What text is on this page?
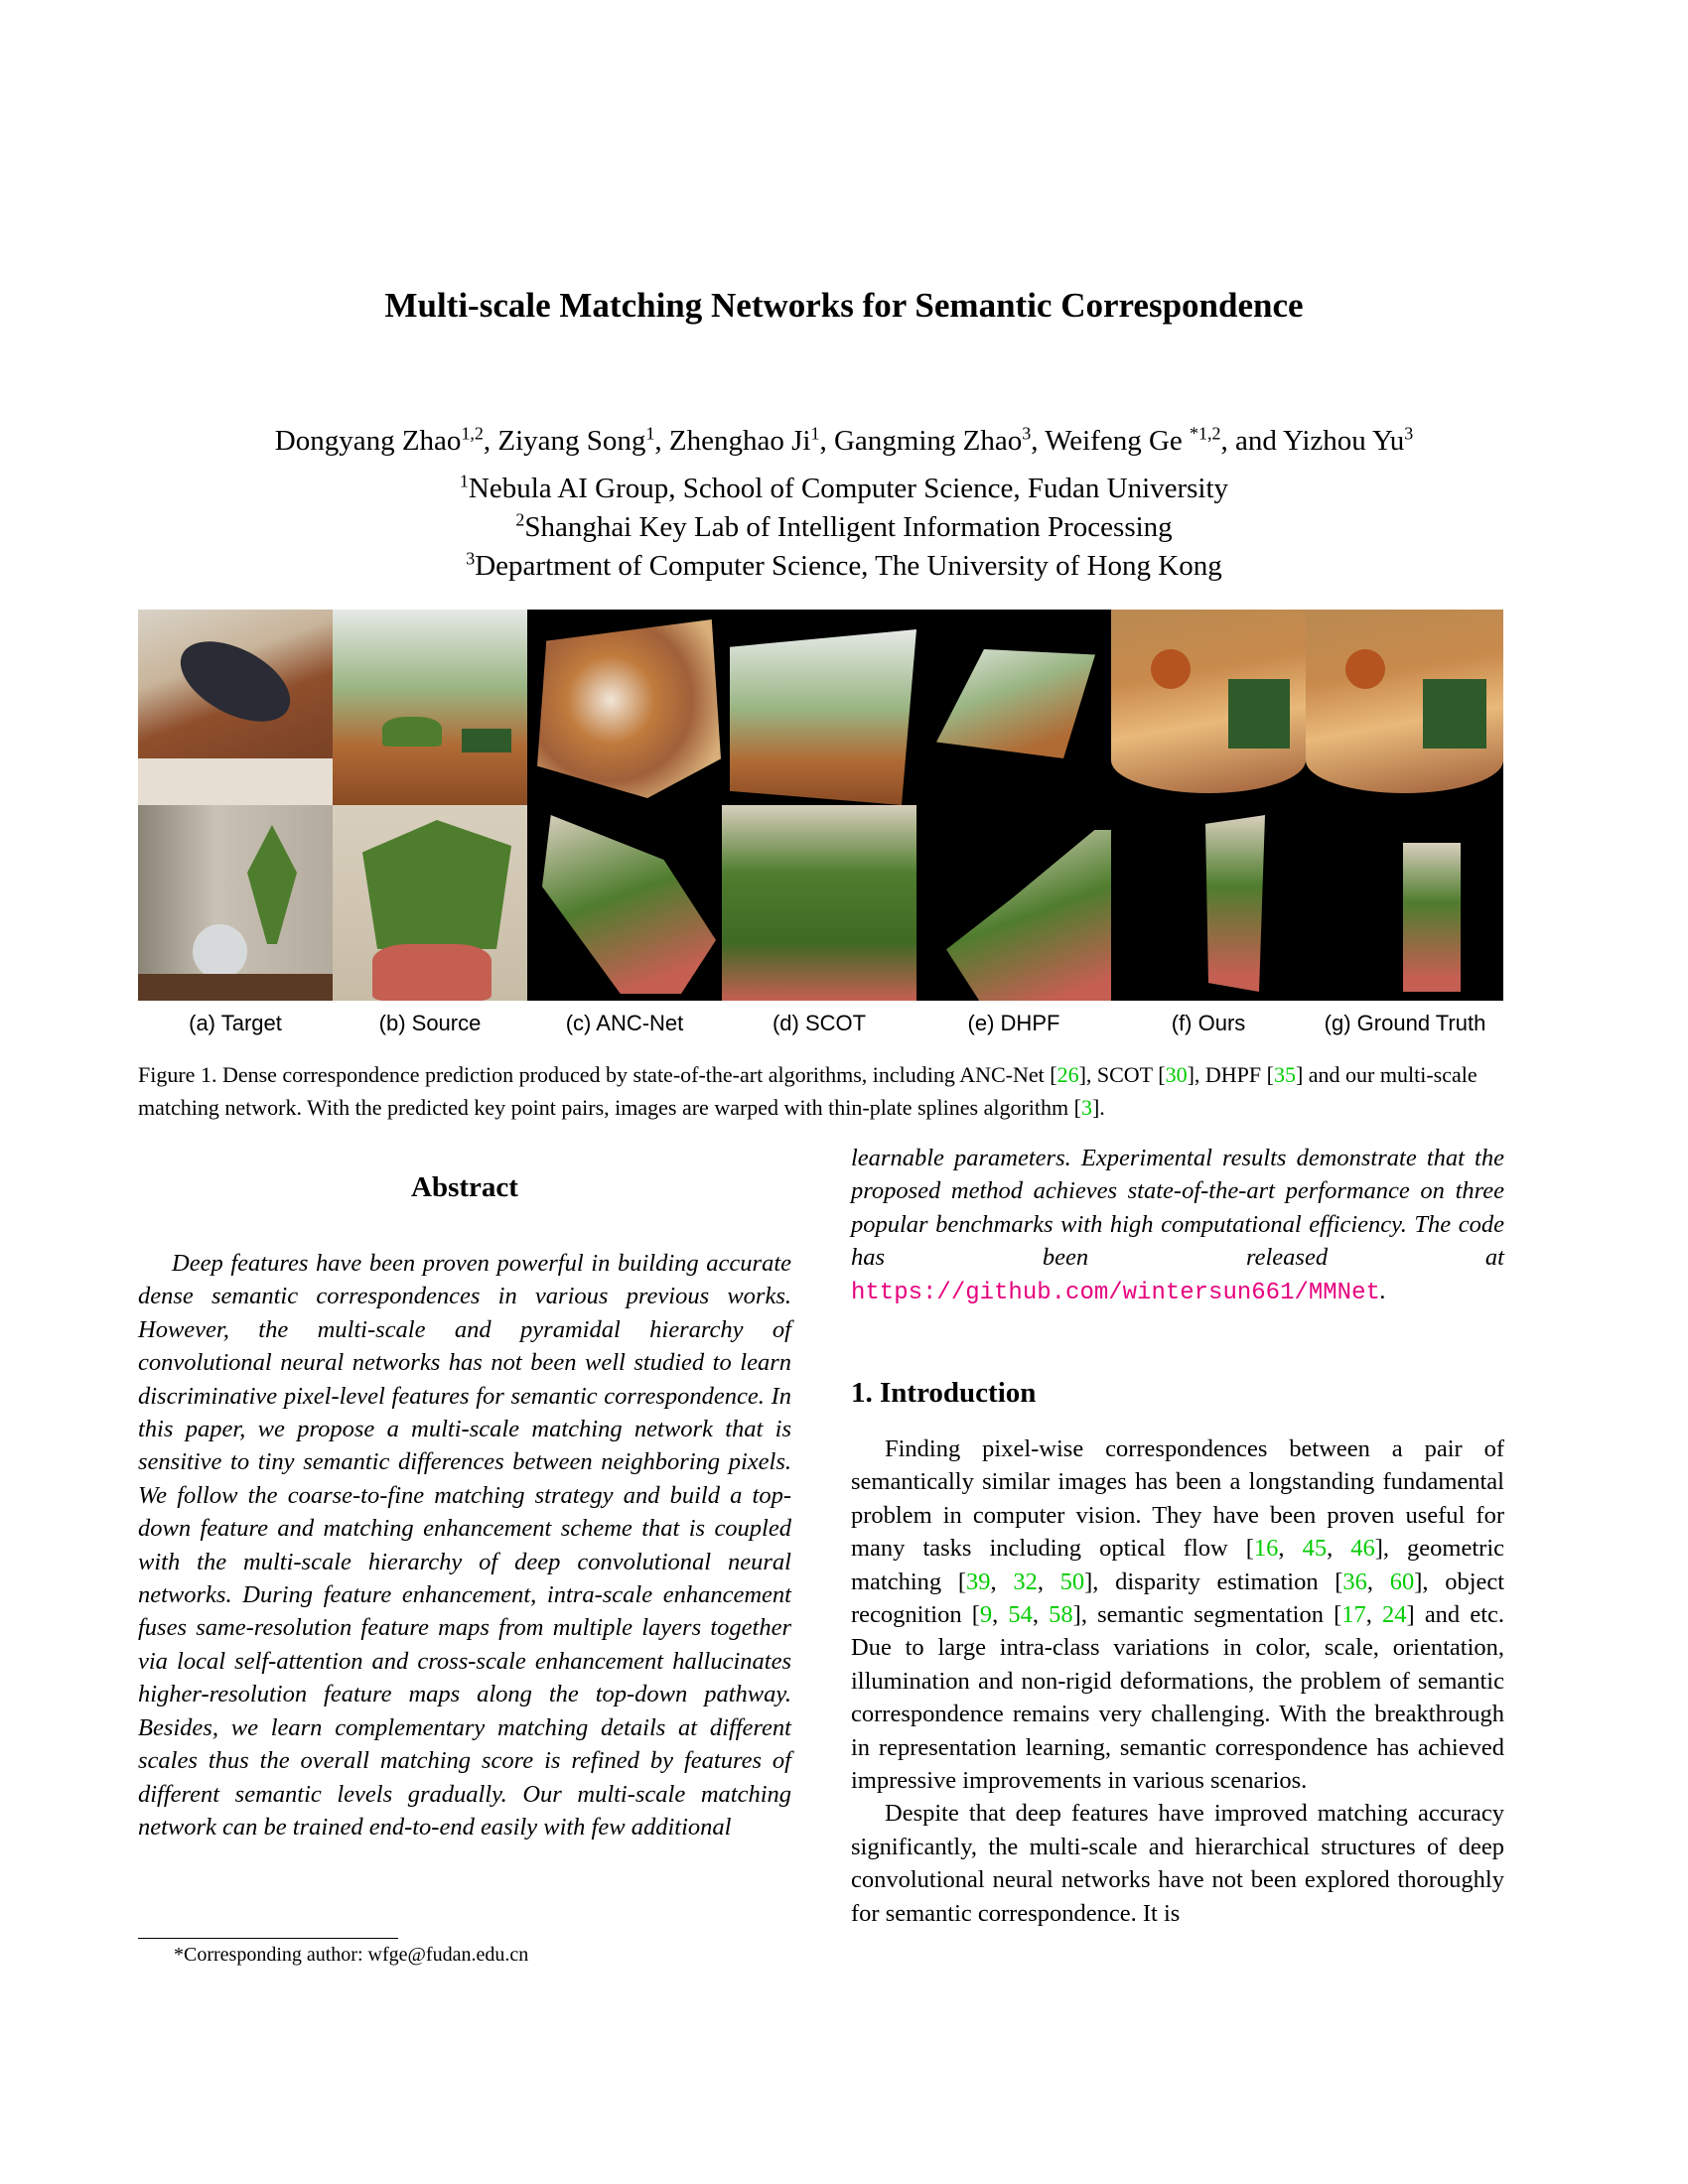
Multi-scale Matching Networks for Semantic Correspondence
Dongyang Zhao$^{1,2}$, Ziyang Song$^1$, Zhenghao Ji$^1$, Gangming Zhao$^3$, Weifeng Ge $^{*1,2}$, and Yizhou Yu$^3$
$^1$Nebula AI Group, School of Computer Science, Fudan University
$^2$Shanghai Key Lab of Intelligent Information Processing
$^3$Department of Computer Science, The University of Hong Kong
(a) Target	(b) Source	(c) ANC-Net	(d) SCOT	(e) DHPF	(f) Ours	(g) Ground Truth
Figure 1. Dense correspondence prediction produced by state-of-the-art algorithms, including ANC-Net [26], SCOT [30], DHPF [35] and our multi-scale matching network. With the predicted key point pairs, images are warped with thin-plate splines algorithm [3].
Abstract
Deep features have been proven powerful in building accurate dense semantic correspondences in various previous works. However, the multi-scale and pyramidal hierarchy of convolutional neural networks has not been well studied to learn discriminative pixel-level features for semantic correspondence. In this paper, we propose a multi-scale matching network that is sensitive to tiny semantic differences between neighboring pixels. We follow the coarse-to-fine matching strategy and build a top-down feature and matching enhancement scheme that is coupled with the multi-scale hierarchy of deep convolutional neural networks. During feature enhancement, intra-scale enhancement fuses same-resolution feature maps from multiple layers together via local self-attention and cross-scale enhancement hallucinates higher-resolution feature maps along the top-down pathway. Besides, we learn complementary matching details at different scales thus the overall matching score is refined by features of different semantic levels gradually. Our multi-scale matching network can be trained end-to-end easily with few additional
learnable parameters. Experimental results demonstrate that the proposed method achieves state-of-the-art performance on three popular benchmarks with high computational efficiency. The code has been released at https://github.com/wintersun661/MMNet.
1. Introduction

Finding pixel-wise correspondences between a pair of semantically similar images has been a longstanding fundamental problem in computer vision. They have been proven useful for many tasks including optical flow [16, 45, 46], geometric matching [39, 32, 50], disparity estimation [36, 60], object recognition [9, 54, 58], semantic segmentation [17, 24] and etc. Due to large intra-class variations in color, scale, orientation, illumination and non-rigid deformations, the problem of semantic correspondence remains very challenging. With the breakthrough in representation learning, semantic correspondence has achieved impressive improvements in various scenarios.

Despite that deep features have improved matching accuracy significantly, the multi-scale and hierarchical structures of deep convolutional neural networks have not been explored thoroughly for semantic correspondence. It is

*Corresponding author: wfge@fudan.edu.cn
